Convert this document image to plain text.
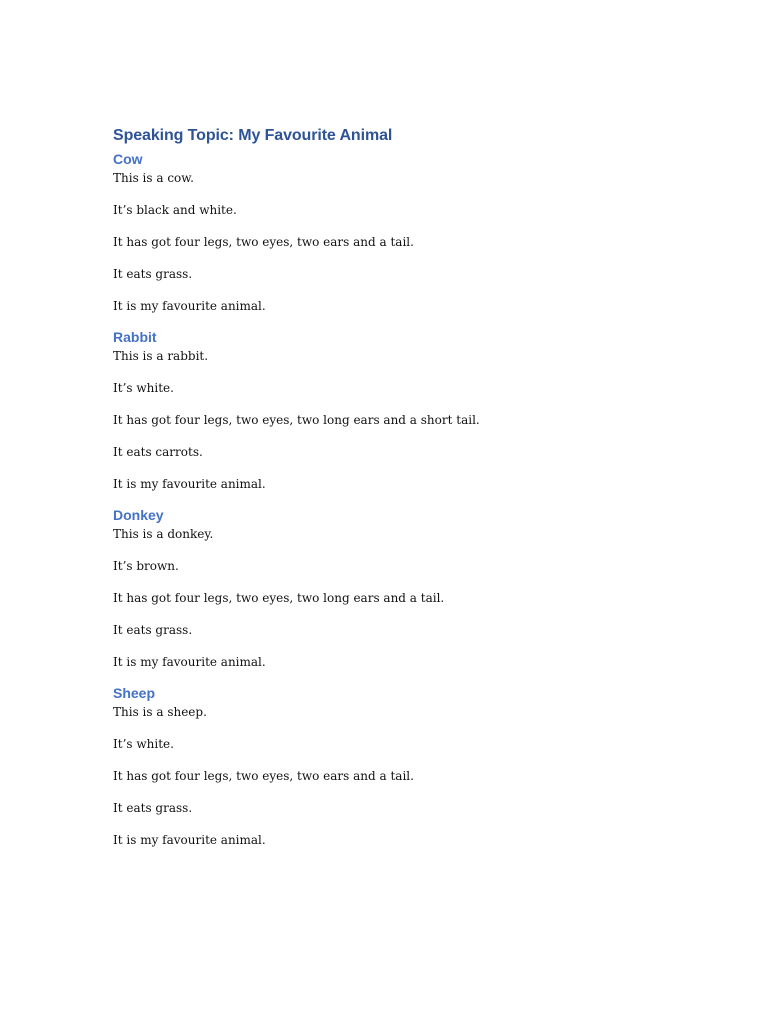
Speaking Topic: My Favourite Animal
Cow

This is a cow.

It’s black and white.

It has got four legs, two eyes, two ears and a tail.

It eats grass.

It is my favourite animal.

Rabbit

This is a rabbit.

It’s white.

It has got four legs, two eyes, two long ears and a short tail.

It eats carrots.

It is my favourite animal.

Donkey

This is a donkey.

It’s brown.

It has got four legs, two eyes, two long ears and a tail.

It eats grass.

It is my favourite animal.

Sheep

This is a sheep.

It’s white.

It has got four legs, two eyes, two ears and a tail.

It eats grass.

It is my favourite animal.
